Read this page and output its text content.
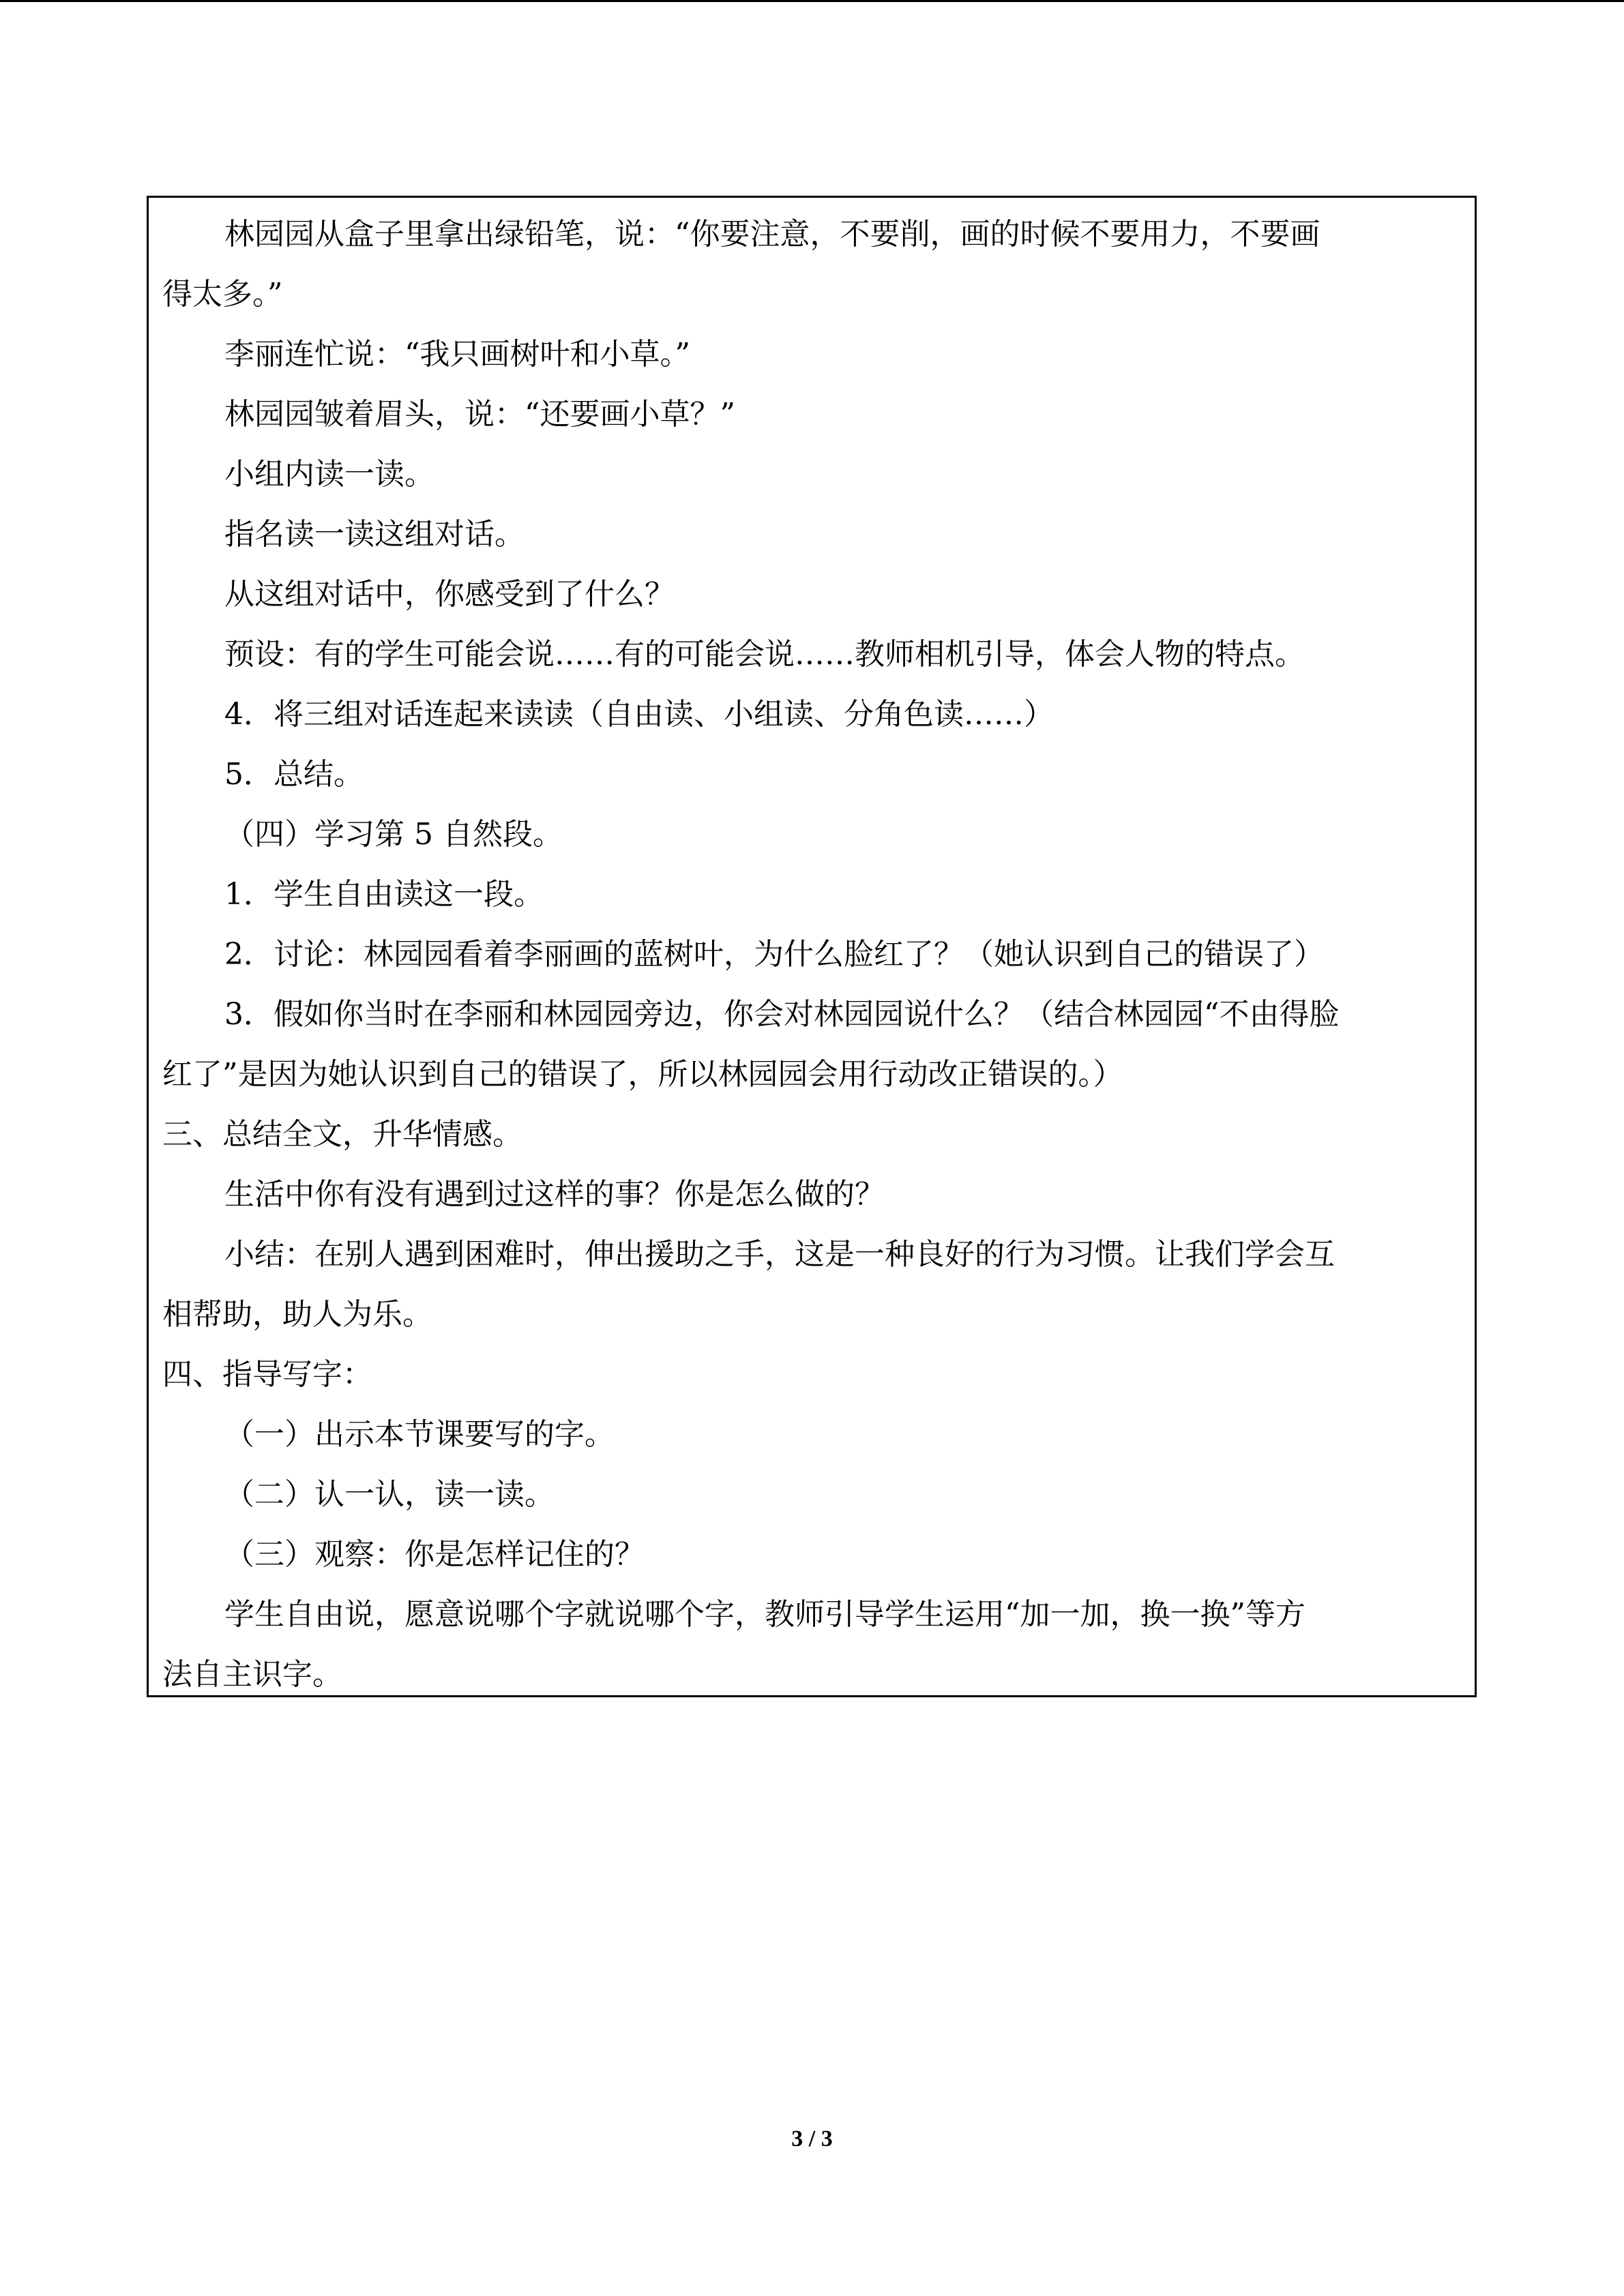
林园园从盒子里拿出绿铅笔，说：“你要注意，不要削，画的时候不要用力，不要画

得太多。”

李丽连忙说：“我只画树叶和小草。”

林园园皱着眉头，说：“还要画小草？”

小组内读一读。

指名读一读这组对话。

从这组对话中，你感受到了什么？

预设：有的学生可能会说……有的可能会说……教师相机引导，体会人物的特点。

4．将三组对话连起来读读（自由读、小组读、分角色读……）

5．总结。

（四）学习第 5 自然段。

1．学生自由读这一段。

2．讨论：林园园看着李丽画的蓝树叶，为什么脸红了？（她认识到自己的错误了）

3．假如你当时在李丽和林园园旁边，你会对林园园说什么？（结合林园园“不由得脸

红了”是因为她认识到自己的错误了，所以林园园会用行动改正错误的。）

三、总结全文，升华情感。

生活中你有没有遇到过这样的事？你是怎么做的？

小结：在别人遇到困难时，伸出援助之手，这是一种良好的行为习惯。让我们学会互

相帮助，助人为乐。

四、指导写字：

（一）出示本节课要写的字。

（二）认一认，读一读。

（三）观察：你是怎样记住的？

学生自由说，愿意说哪个字就说哪个字，教师引导学生运用“加一加，换一换”等方

法自主识字。

3 / 3
